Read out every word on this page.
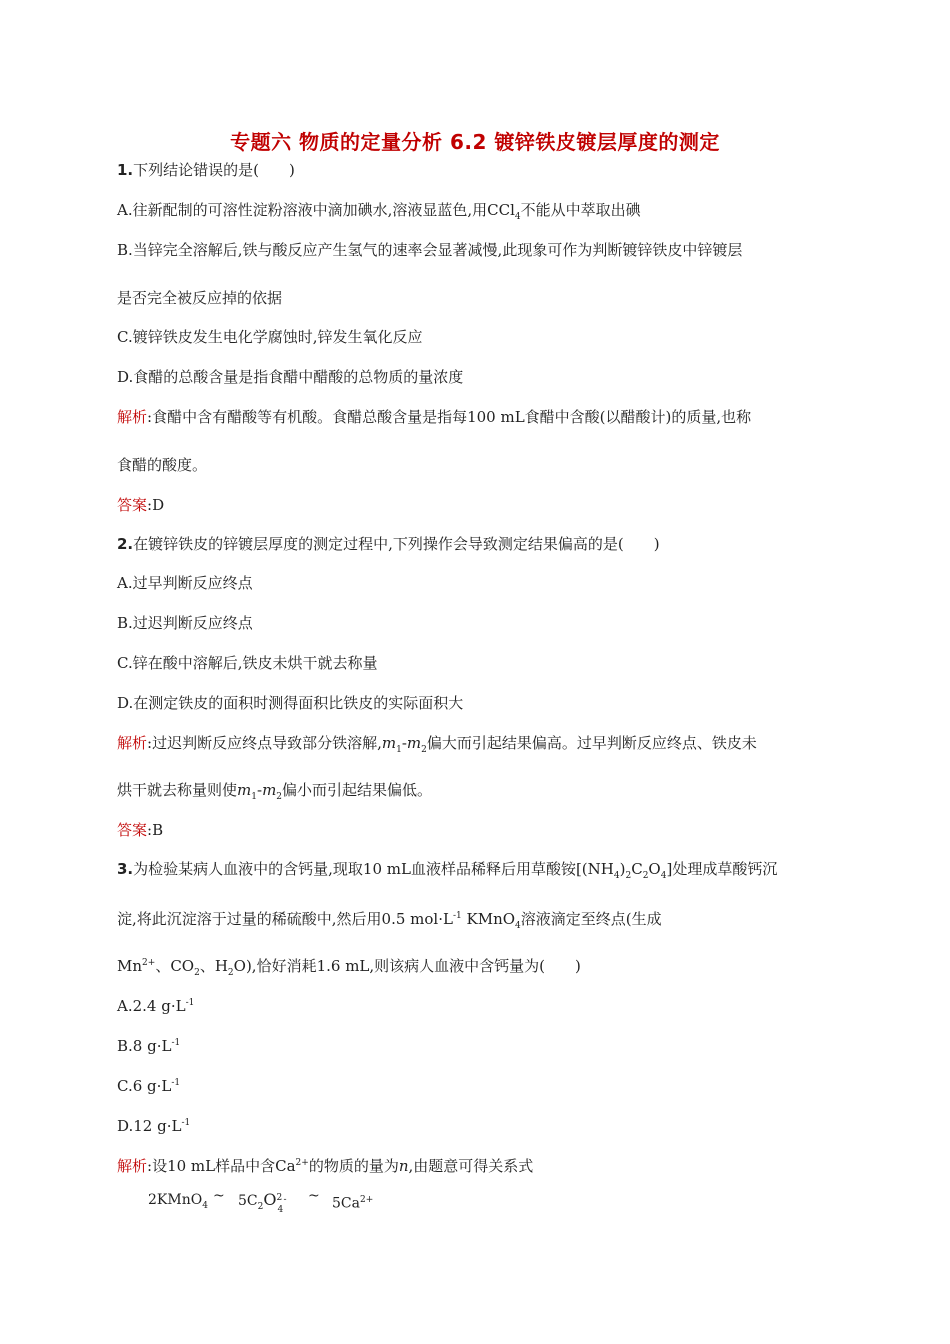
专题六 物质的定量分析 6.2 镀锌铁皮镀层厚度的测定
1.下列结论错误的是(　　)
A.往新配制的可溶性淀粉溶液中滴加碘水,溶液显蓝色,用CCl$_4$不能从中萃取出碘
B.当锌完全溶解后,铁与酸反应产生氢气的速率会显著减慢,此现象可作为判断镀锌铁皮中锌镀层
是否完全被反应掉的依据
C.镀锌铁皮发生电化学腐蚀时,锌发生氧化反应
D.食醋的总酸含量是指食醋中醋酸的总物质的量浓度
解析:食醋中含有醋酸等有机酸。食醋总酸含量是指每100 mL食醋中含酸(以醋酸计)的质量,也称
食醋的酸度。
答案:D
2.在镀锌铁皮的锌镀层厚度的测定过程中,下列操作会导致测定结果偏高的是(　　)
A.过早判断反应终点
B.过迟判断反应终点
C.锌在酸中溶解后,铁皮未烘干就去称量
D.在测定铁皮的面积时测得面积比铁皮的实际面积大
解析:过迟判断反应终点导致部分铁溶解$,m_1-m_2$偏大而引起结果偏高。过早判断反应终点、铁皮未
烘干就去称量则使$m_1-m_2$偏小而引起结果偏低。
答案:B
3.为检验某病人血液中的含钙量,现取10 mL血液样品稀释后用草酸铵$[(NH_4)_2C_2O_4]$处理成草酸钙沉
淀,将此沉淀溶于过量的稀硫酸中,然后用0.5 $mol\cdot L^{-1}$ KMnO$_4$溶液滴定至终点(生成
$Mn^{2+}$、$CO_2$、$H_2O$),恰好消耗1.6 mL,则该病人血液中含钙量为(　　)
A.2.4 $g\cdot L^{-1}$
B.8 $g\cdot L^{-1}$
C.6 $g\cdot L^{-1}$
D.12 $g\cdot L^{-1}$
解析:设10 mL样品中含$Ca^{2+}$的物质的量为n,由题意可得关系式
2KMnO$_4$
~ $5C_2O$ 2 -
4
~ $5Ca^{2+}$
